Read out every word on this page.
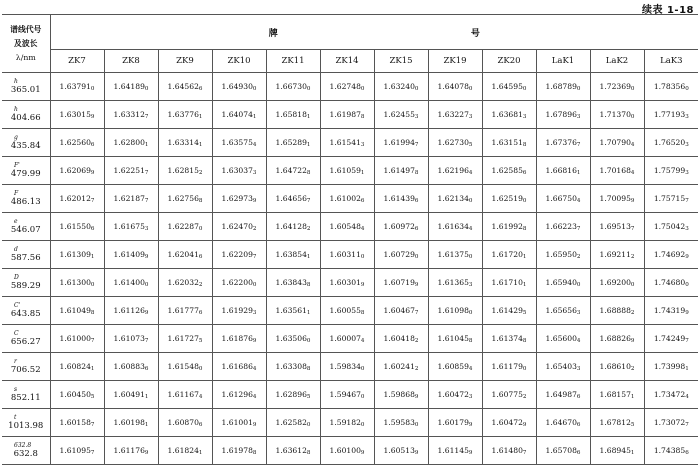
续表 1-18
谱线代号
及波长
λ/nm	牌 号											
	ZK7	ZK8	ZK9	ZK10	ZK11	ZK14	ZK15	ZK19	ZK20	LaK1	LaK2	LaK3

h
365.01	1.637910	1.641890	1.645626	1.649300	1.667300	1.627480	1.632400	1.640780	1.645950	1.687890	1.723690	1.783560

h
404.66	1.630159	1.633127	1.637761	1.640741	1.658181	1.619878	1.624553	1.632273	1.636813	1.678963	1.713700	1.771933

g
435.84	1.625606	1.628001	1.633141	1.635754	1.652891	1.615413	1.619947	1.627305	1.631518	1.673767	1.707904	1.765203

F'
479.99	1.620699	1.622517	1.628152	1.630373	1.647228	1.610591	1.614978	1.621964	1.625856	1.668161	1.701684	1.757993

F
486.13	1.620127	1.621877	1.627568	1.629739	1.646567	1.610026	1.614396	1.621340	1.625190	1.667504	1.700959	1.757157

e
546.07	1.615506	1.616753	1.622870	1.624702	1.641282	1.605484	1.609726	1.616344	1.619928	1.662237	1.695137	1.750423

d
587.56	1.613091	1.614099	1.620416	1.622097	1.638541	1.603110	1.607290	1.613750	1.617201	1.659502	1.692112	1.746929

D
589.29	1.613000	1.614000	1.620322	1.622000	1.638438	1.603019	1.607199	1.613653	1.617101	1.659400	1.692000	1.746800

C'
643.85	1.610498	1.611269	1.617776	1.619293	1.635611	1.600558	1.604677	1.610980	1.614295	1.656563	1.688882	1.743199

C
656.27	1.610007	1.610737	1.617275	1.618769	1.635060	1.600074	1.604182	1.610458	1.613748	1.656004	1.688269	1.742497

r
706.52	1.608241	1.608836	1.615480	1.616864	1.633088	1.598340	1.602412	1.608594	1.611790	1.654033	1.686102	1.739981

s
852.11	1.604505	1.604911	1.611674	1.612964	1.628965	1.594670	1.598689	1.604723	1.607752	1.649876	1.681571	1.734724

t
1013.98	1.601587	1.601981	1.608706	1.610019	1.625820	1.591820	1.595830	1.601799	1.604729	1.646706	1.678125	1.730727

632.8
632.8	1.610957	1.611769	1.618241	1.619788	1.636128	1.601009	1.605139	1.611459	1.614807	1.657086	1.689451	1.743856
